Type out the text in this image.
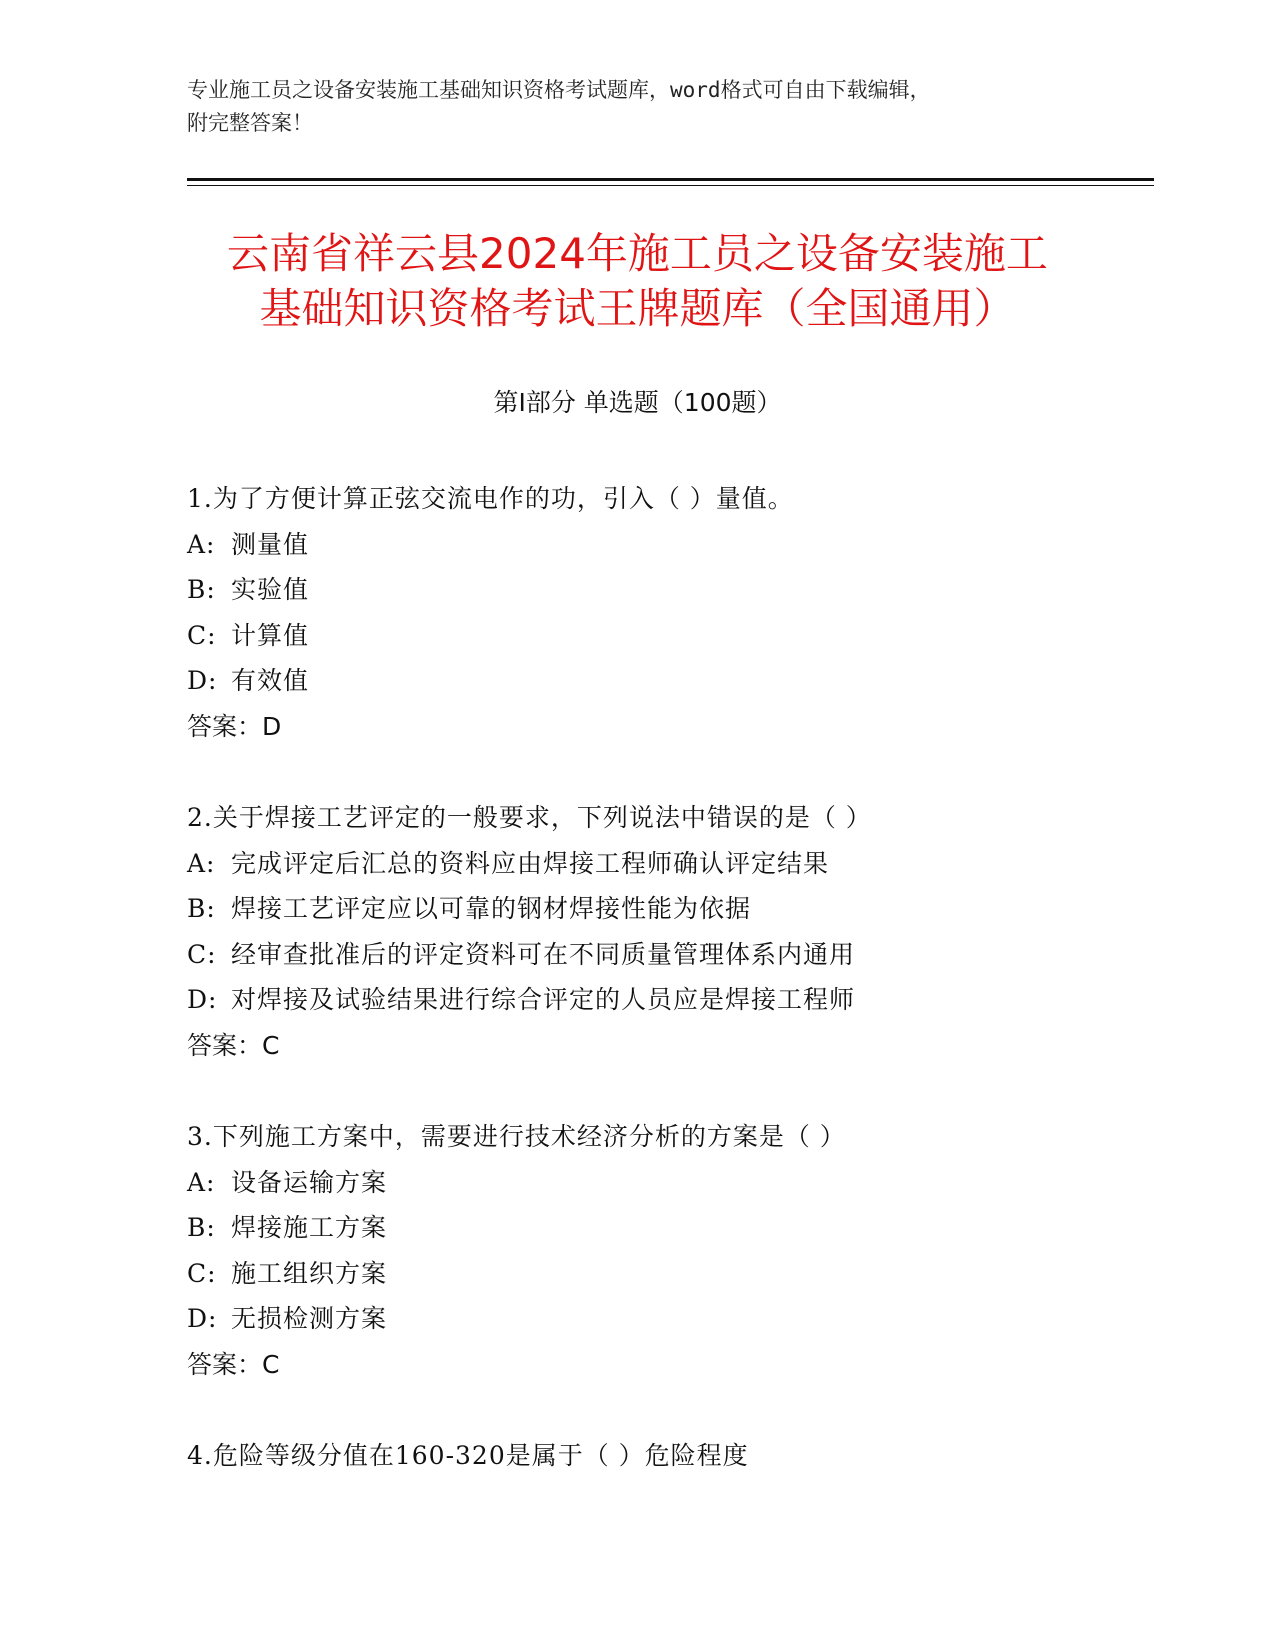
专业施工员之设备安装施工基础知识资格考试题库，word格式可自由下载编辑，
附完整答案！
云南省祥云县2024年施工员之设备安装施工
基础知识资格考试王牌题库（全国通用）
第Ⅰ部分 单选题（100题）
1.为了方便计算正弦交流电作的功，引入（ ）量值。
A: 测量值
B: 实验值
C: 计算值
D: 有效值
答案：D
2.关于焊接工艺评定的一般要求，下列说法中错误的是（ ）
A: 完成评定后汇总的资料应由焊接工程师确认评定结果
B: 焊接工艺评定应以可靠的钢材焊接性能为依据
C: 经审查批准后的评定资料可在不同质量管理体系内通用
D: 对焊接及试验结果进行综合评定的人员应是焊接工程师
答案：C
3.下列施工方案中，需要进行技术经济分析的方案是（ ）
A: 设备运输方案
B: 焊接施工方案
C: 施工组织方案
D: 无损检测方案
答案：C
4.危险等级分值在160-320是属于（ ）危险程度
